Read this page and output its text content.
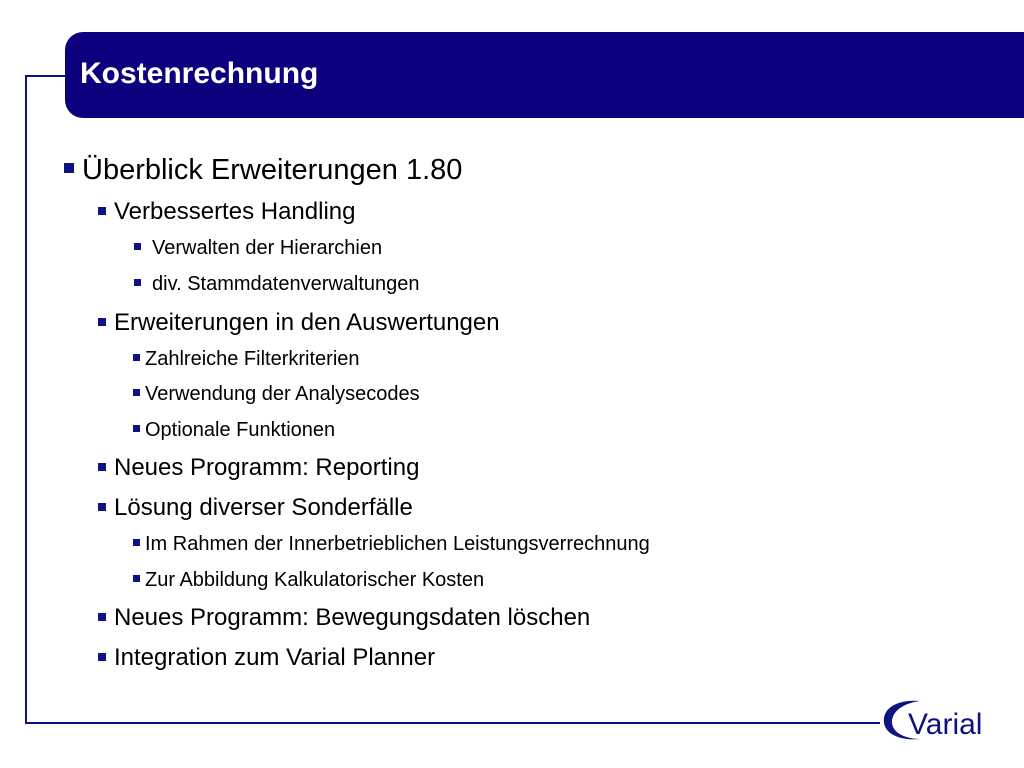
Kostenrechnung
Überblick Erweiterungen 1.80
Verbessertes Handling
Verwalten der Hierarchien
div. Stammdatenverwaltungen
Erweiterungen in den Auswertungen
Zahlreiche Filterkriterien
Verwendung der Analysecodes
Optionale Funktionen
Neues Programm: Reporting
Lösung diverser Sonderfälle
Im Rahmen der Innerbetrieblichen Leistungsverrechnung
Zur Abbildung Kalkulatorischer Kosten
Neues Programm: Bewegungsdaten löschen
Integration zum Varial Planner
Varial
